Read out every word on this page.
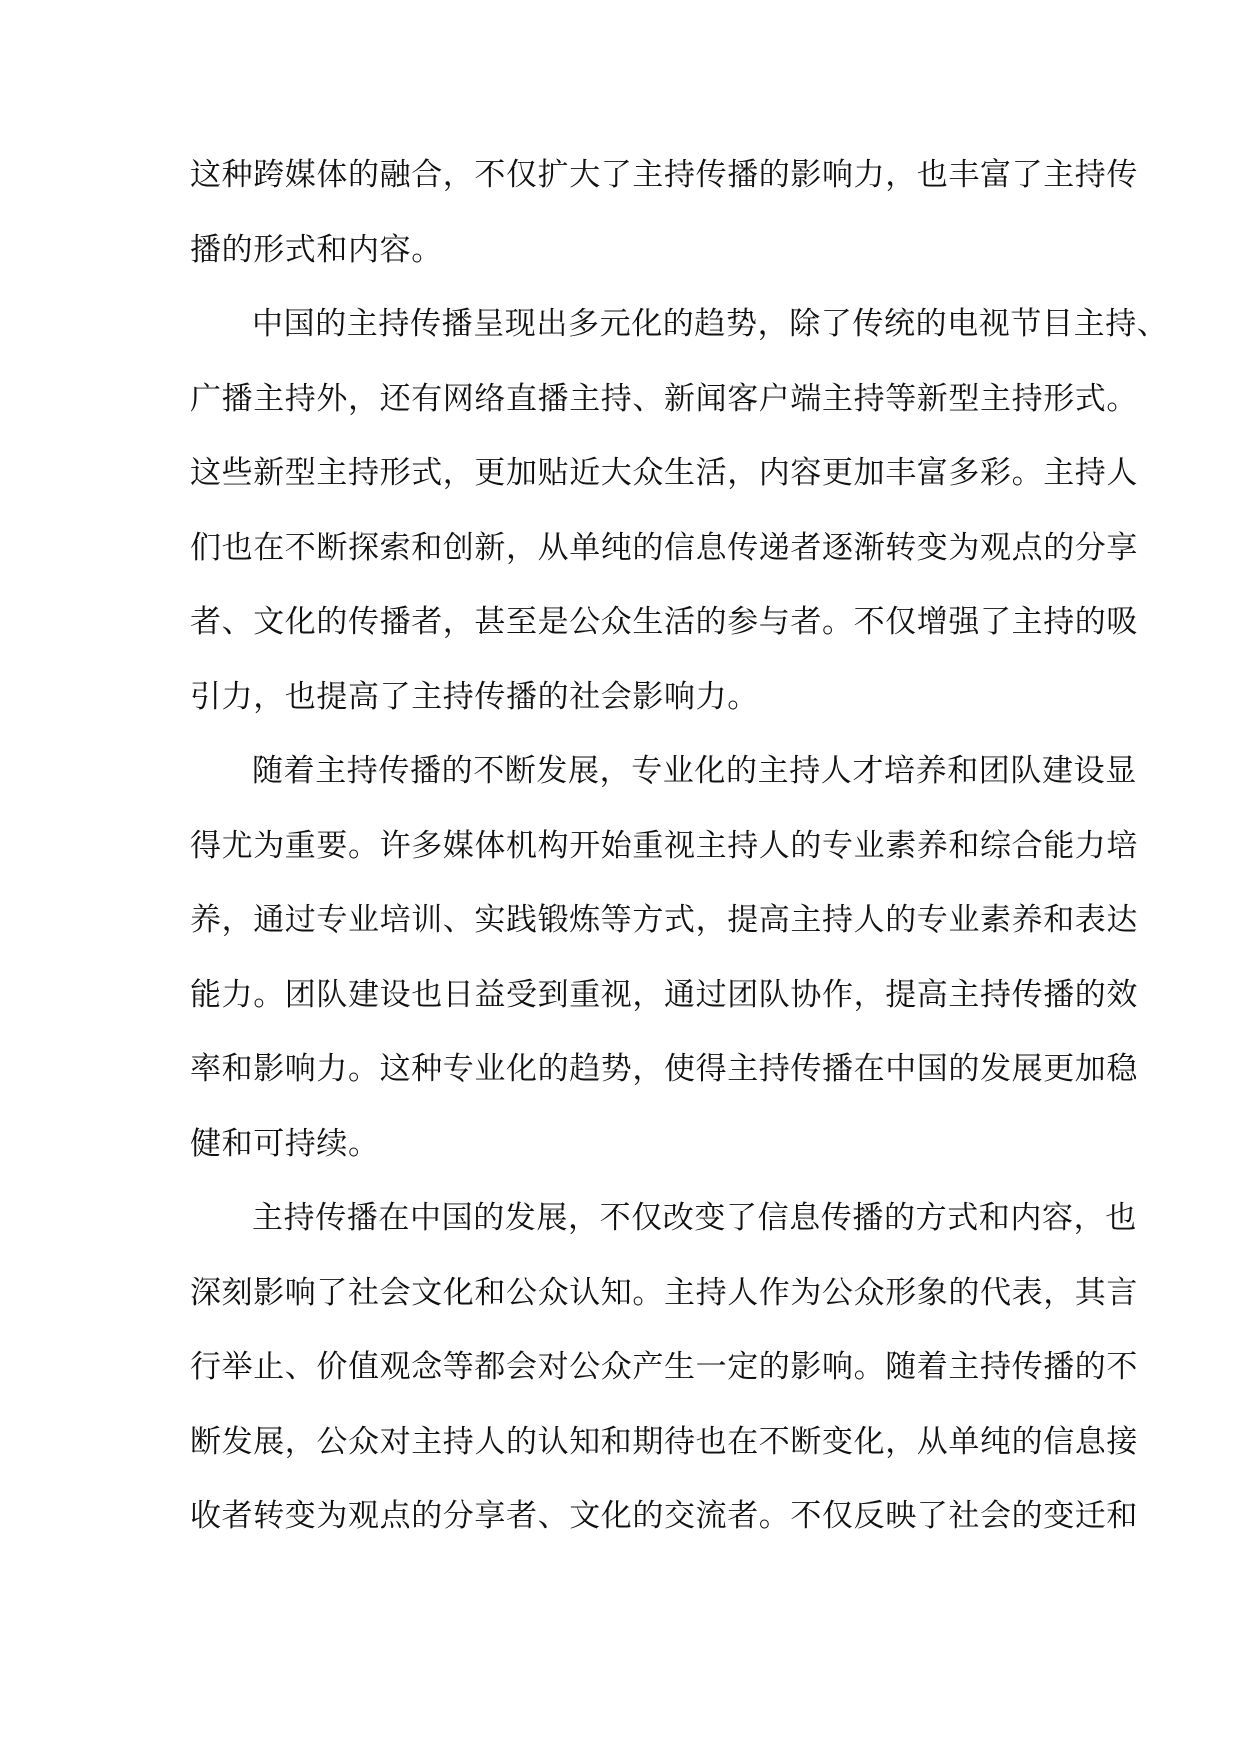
这种跨媒体的融合，不仅扩大了主持传播的影响力，也丰富了主持传
播的形式和内容。
中国的主持传播呈现出多元化的趋势，除了传统的电视节目主持、
广播主持外，还有网络直播主持、新闻客户端主持等新型主持形式。
这些新型主持形式，更加贴近大众生活，内容更加丰富多彩。主持人
们也在不断探索和创新，从单纯的信息传递者逐渐转变为观点的分享
者、文化的传播者，甚至是公众生活的参与者。不仅增强了主持的吸
引力，也提高了主持传播的社会影响力。
随着主持传播的不断发展，专业化的主持人才培养和团队建设显
得尤为重要。许多媒体机构开始重视主持人的专业素养和综合能力培
养，通过专业培训、实践锻炼等方式，提高主持人的专业素养和表达
能力。团队建设也日益受到重视，通过团队协作，提高主持传播的效
率和影响力。这种专业化的趋势，使得主持传播在中国的发展更加稳
健和可持续。
主持传播在中国的发展，不仅改变了信息传播的方式和内容，也
深刻影响了社会文化和公众认知。主持人作为公众形象的代表，其言
行举止、价值观念等都会对公众产生一定的影响。随着主持传播的不
断发展，公众对主持人的认知和期待也在不断变化，从单纯的信息接
收者转变为观点的分享者、文化的交流者。不仅反映了社会的变迁和
